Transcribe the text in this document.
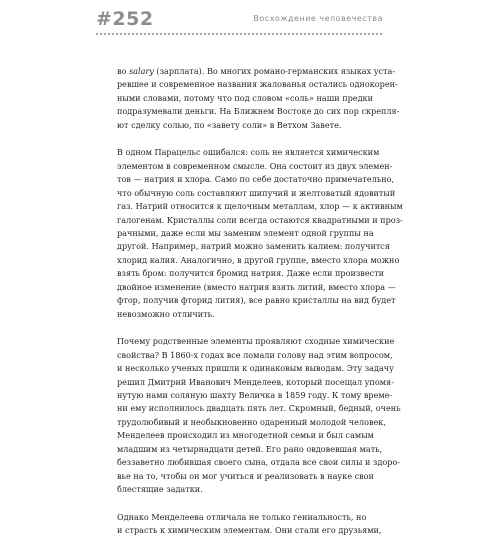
#252	Восхождение человечества

во salary (зарплата). Во многих романо-германских языках уста-
ревшее и современное названия жалованья остались однокорен-
ными словами, потому что под словом «соль» наши предки
подразумевали деньги. На Ближнем Востоке до сих пор скрепля-
ют сделку солью, по «завету соли» в Ветхом Завете.

В одном Парацельс ошибался: соль не является химическим
элементом в современном смысле. Она состоит из двух элемен-
тов — натрия и хлора. Само по себе достаточно примечательно,
что обычную соль составляют шипучий и желтоватый ядовитый
газ. Натрий относится к щелочным металлам, хлор — к активным
галогенам. Кристаллы соли всегда остаются квадратными и проз-
рачными, даже если мы заменим элемент одной группы на
другой. Например, натрий можно заменить калием: получится
хлорид калия. Аналогично, в другой группе, вместо хлора можно
взять бром: получится бромид натрия. Даже если произвести
двойное изменение (вместо натрия взять литий, вместо хлора —
фтор, получив фторид лития), все равно кристаллы на вид будет
невозможно отличить.

Почему родственные элементы проявляют сходные химические
свойства? В 1860-х годах все ломали голову над этим вопросом,
и несколько ученых пришли к одинаковым выводам. Эту задачу
решил Дмитрий Иванович Менделеев, который посещал упомя-
нутую нами соляную шахту Величка в 1859 году. К тому време-
ни ему исполнилось двадцать пять лет. Скромный, бедный, очень
трудолюбивый и необыкновенно одаренный молодой человек,
Менделеев происходил из многодетной семьи и был самым
младшим из четырнадцати детей. Его рано овдовевшая мать,
беззаветно любившая своего сына, отдала все свои силы и здоро-
вье на то, чтобы он мог учиться и реализовать в науке свои
блестящие задатки.

Однако Менделеева отличала не только гениальность, но
и страсть к химическим элементам. Они стали его друзьями,
